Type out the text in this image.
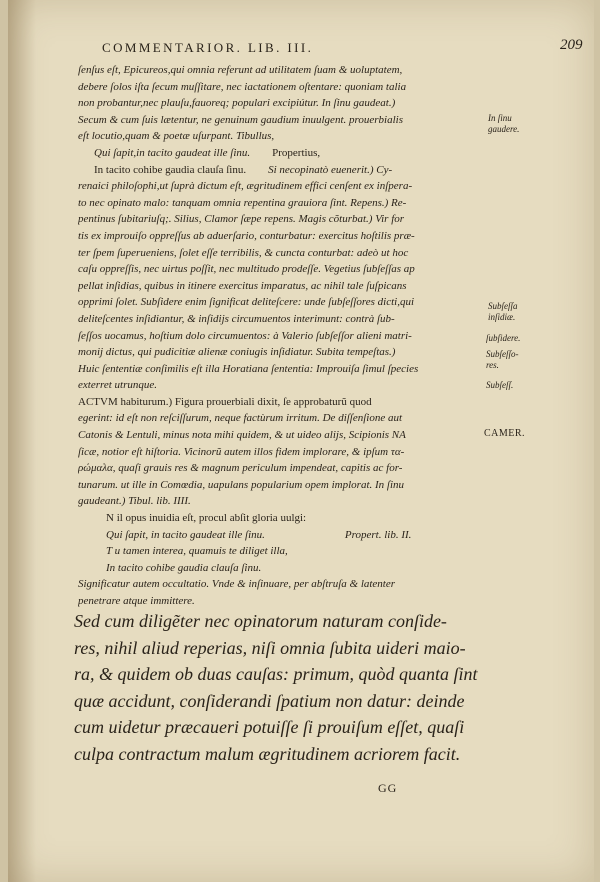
COMMENTARIOR. LIB. III.	209
ſenſus eſt, Epicureos,qui omnia referunt ad utilitatem ſuam & uoluptatem,
debere ſolos iſta ſecum muſſitare, nec iactationem oſtentare: quoniam talia
non probantur,nec plauſu,fauoreq; populari excipiútur. In ſinu gaudeat.)
Secum & cum ſuis lætentur, ne genuinum gaudium inuulgent. prouerbialis
eſt locutio,quam & poetæ uſurpant. Tibullus,
Qui ſapit,in tacito gaudeat ille ſinu. Propertius,
In tacito cohibe gaudia clauſa ſinu. Si necopinatò euenerit.) Cy-
renaici philoſophi,ut ſuprà dictum eſt, ægritudinem effici cenſent ex inſpera-
to nec opinato malo: tanquam omnia repentina grauiora ſint. Repens.) Re-
pentinus ſubitariuſq;. Silius, Clamor ſæpe repens. Magis cõturbat.) Vir for
tis ex improuiſo oppreſſus ab aduerſario, conturbatur: exercitus hoſtilis præ-
ter ſpem ſuperueniens, ſolet eſſe terribilis, & cuncta conturbat: adeò ut hoc
caſu oppreſſis, nec uirtus poſſit, nec multitudo prodeſſe. Vegetius ſubſeſſas ap
pellat inſidias, quibus in itinere exercitus imparatus, ac nihil tale ſuſpicans
opprimi ſolet. Subſidere enim ſignificat deliteſcere: unde ſubſeſſores dicti,qui
deliteſcentes inſidiantur, & inſidijs circumuentos interimunt: contrà ſub-
ſeſſos uocamus, hoſtium dolo circumuentos: à Valerio ſubſeſſor alieni matri-
monij dictus, qui pudicitiæ alienæ coniugis inſidiatur. Subita tempeſtas.)
Huic ſententiæ conſimilis eſt illa Horatiana ſententia: Improuiſa ſimul ſpecies
exterret utrunque.
ACTVM habiturum.) Figura prouerbiali dixit, ſe approbaturũ quod
egerint: id eſt non reſciſſurum, neque factùrum irritum. De diſſenſione aut
Catonis & Lentuli, minus nota mihi quidem, & ut uideo alijs, Scipionis NA
ſicæ, notior eſt hiſtoria. Vicinorũ autem illos fidem implorare, & ipſum τα-
ρώμαλα, quaſi grauis res & magnum periculum impendeat, capitis ac for-
tunarum. ut ille in Comœdia, uapulans popularium opem implorat. In ſinu
gaudeant.) Tibul. lib. IIII.
N il opus inuidia eſt, procul abſit gloria uulgi:
Qui ſapit, in tacito gaudeat ille ſinu.	Propert. lib. II.
T u tamen interea, quamuis te diliget illa,
In tacito cohibe gaudia clauſa ſinu.
Significatur autem occultatio. Vnde & inſinuare, per abſtruſa & latenter
penetrare atque immittere.
In ſinu
gaudere.
Subſeſſa
inſidiæ.
ſubſidere.
Subſeſſo-
res.
Subſeſſ.
CAMER.
Sed cum diligẽter nec opinatorum naturam conſide-
res, nihil aliud reperias, niſi omnia ſubita uideri maio-
ra, & quidem ob duas cauſas: primum, quòd quanta ſint
quæ accidunt, conſiderandi ſpatium non datur: deinde
cum uidetur præcaueri potuiſſe ſi prouiſum eſſet, quaſi
culpa contractum malum ægritudinem acriorem facit.
GG
